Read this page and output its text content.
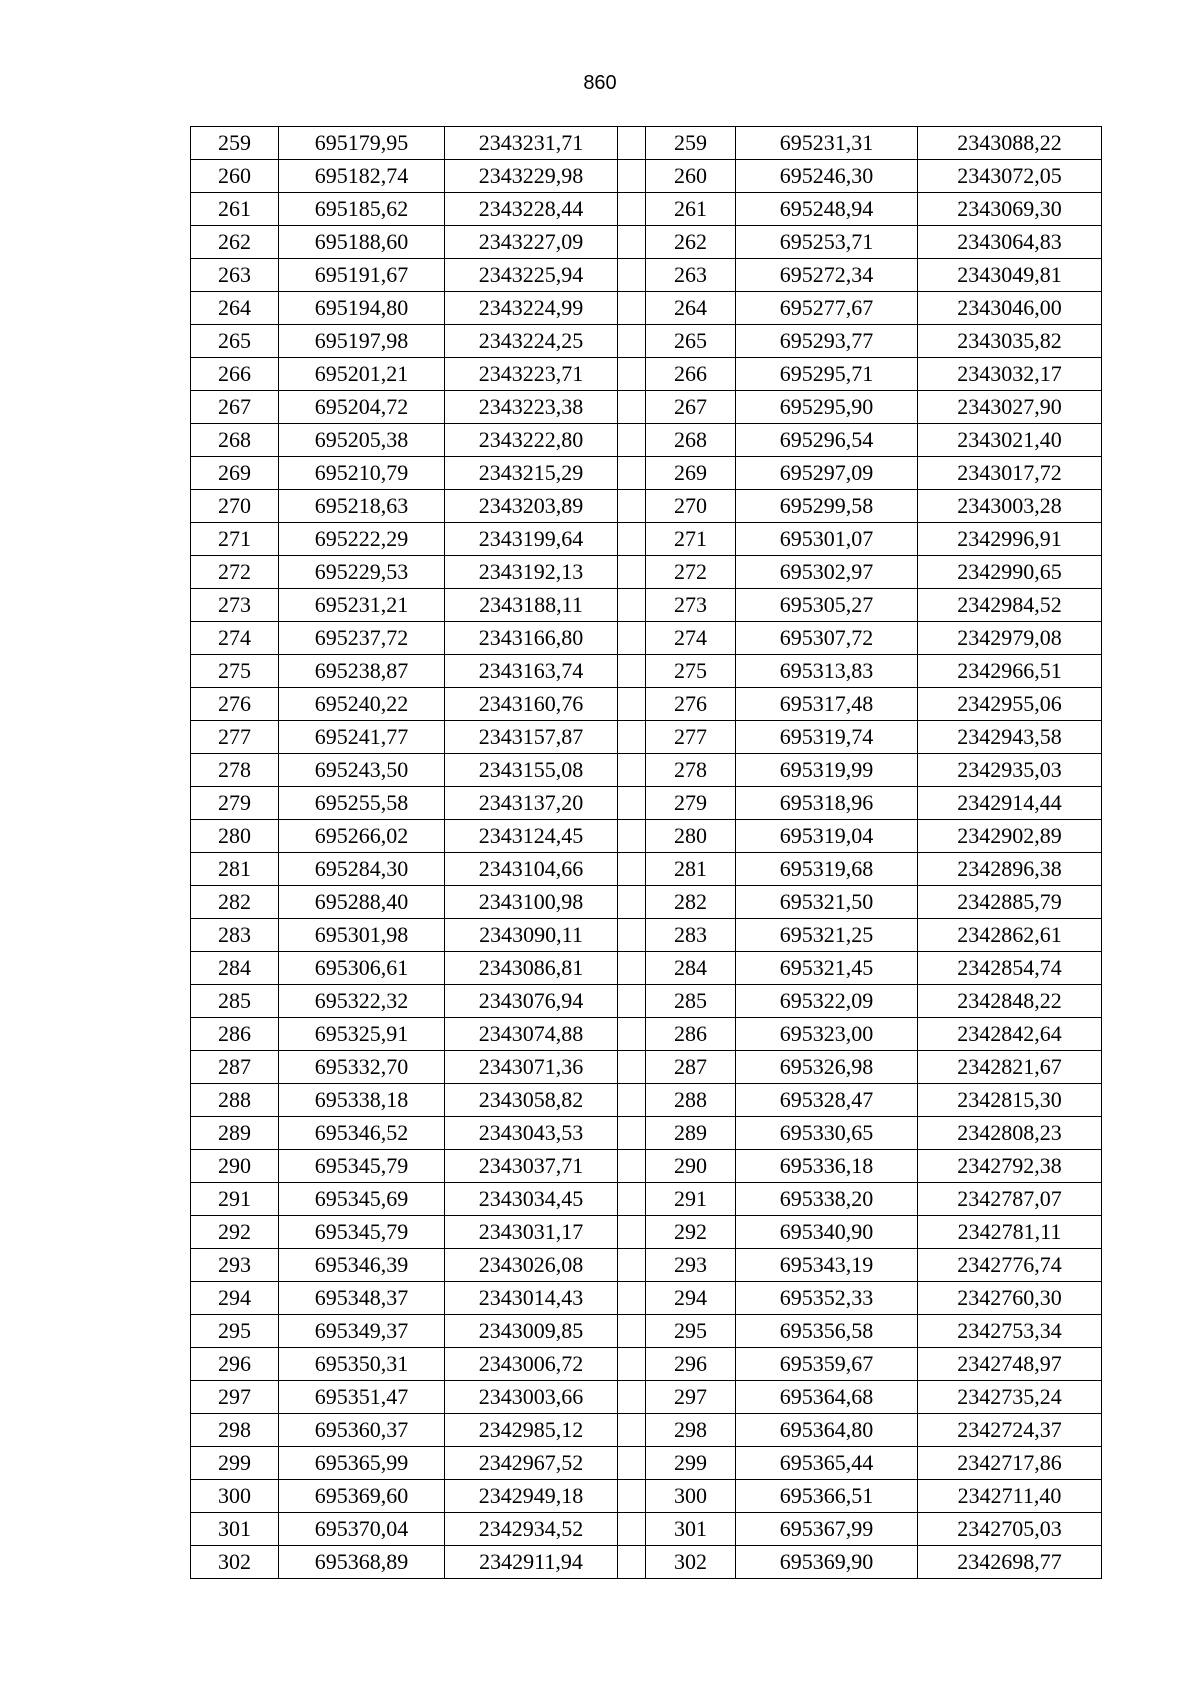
860
259	695179,95	2343231,71		259	695231,31	2343088,22
260	695182,74	2343229,98		260	695246,30	2343072,05
261	695185,62	2343228,44		261	695248,94	2343069,30
262	695188,60	2343227,09		262	695253,71	2343064,83
263	695191,67	2343225,94		263	695272,34	2343049,81
264	695194,80	2343224,99		264	695277,67	2343046,00
265	695197,98	2343224,25		265	695293,77	2343035,82
266	695201,21	2343223,71		266	695295,71	2343032,17
267	695204,72	2343223,38		267	695295,90	2343027,90
268	695205,38	2343222,80		268	695296,54	2343021,40
269	695210,79	2343215,29		269	695297,09	2343017,72
270	695218,63	2343203,89		270	695299,58	2343003,28
271	695222,29	2343199,64		271	695301,07	2342996,91
272	695229,53	2343192,13		272	695302,97	2342990,65
273	695231,21	2343188,11		273	695305,27	2342984,52
274	695237,72	2343166,80		274	695307,72	2342979,08
275	695238,87	2343163,74		275	695313,83	2342966,51
276	695240,22	2343160,76		276	695317,48	2342955,06
277	695241,77	2343157,87		277	695319,74	2342943,58
278	695243,50	2343155,08		278	695319,99	2342935,03
279	695255,58	2343137,20		279	695318,96	2342914,44
280	695266,02	2343124,45		280	695319,04	2342902,89
281	695284,30	2343104,66		281	695319,68	2342896,38
282	695288,40	2343100,98		282	695321,50	2342885,79
283	695301,98	2343090,11		283	695321,25	2342862,61
284	695306,61	2343086,81		284	695321,45	2342854,74
285	695322,32	2343076,94		285	695322,09	2342848,22
286	695325,91	2343074,88		286	695323,00	2342842,64
287	695332,70	2343071,36		287	695326,98	2342821,67
288	695338,18	2343058,82		288	695328,47	2342815,30
289	695346,52	2343043,53		289	695330,65	2342808,23
290	695345,79	2343037,71		290	695336,18	2342792,38
291	695345,69	2343034,45		291	695338,20	2342787,07
292	695345,79	2343031,17		292	695340,90	2342781,11
293	695346,39	2343026,08		293	695343,19	2342776,74
294	695348,37	2343014,43		294	695352,33	2342760,30
295	695349,37	2343009,85		295	695356,58	2342753,34
296	695350,31	2343006,72		296	695359,67	2342748,97
297	695351,47	2343003,66		297	695364,68	2342735,24
298	695360,37	2342985,12		298	695364,80	2342724,37
299	695365,99	2342967,52		299	695365,44	2342717,86
300	695369,60	2342949,18		300	695366,51	2342711,40
301	695370,04	2342934,52		301	695367,99	2342705,03
302	695368,89	2342911,94		302	695369,90	2342698,77
